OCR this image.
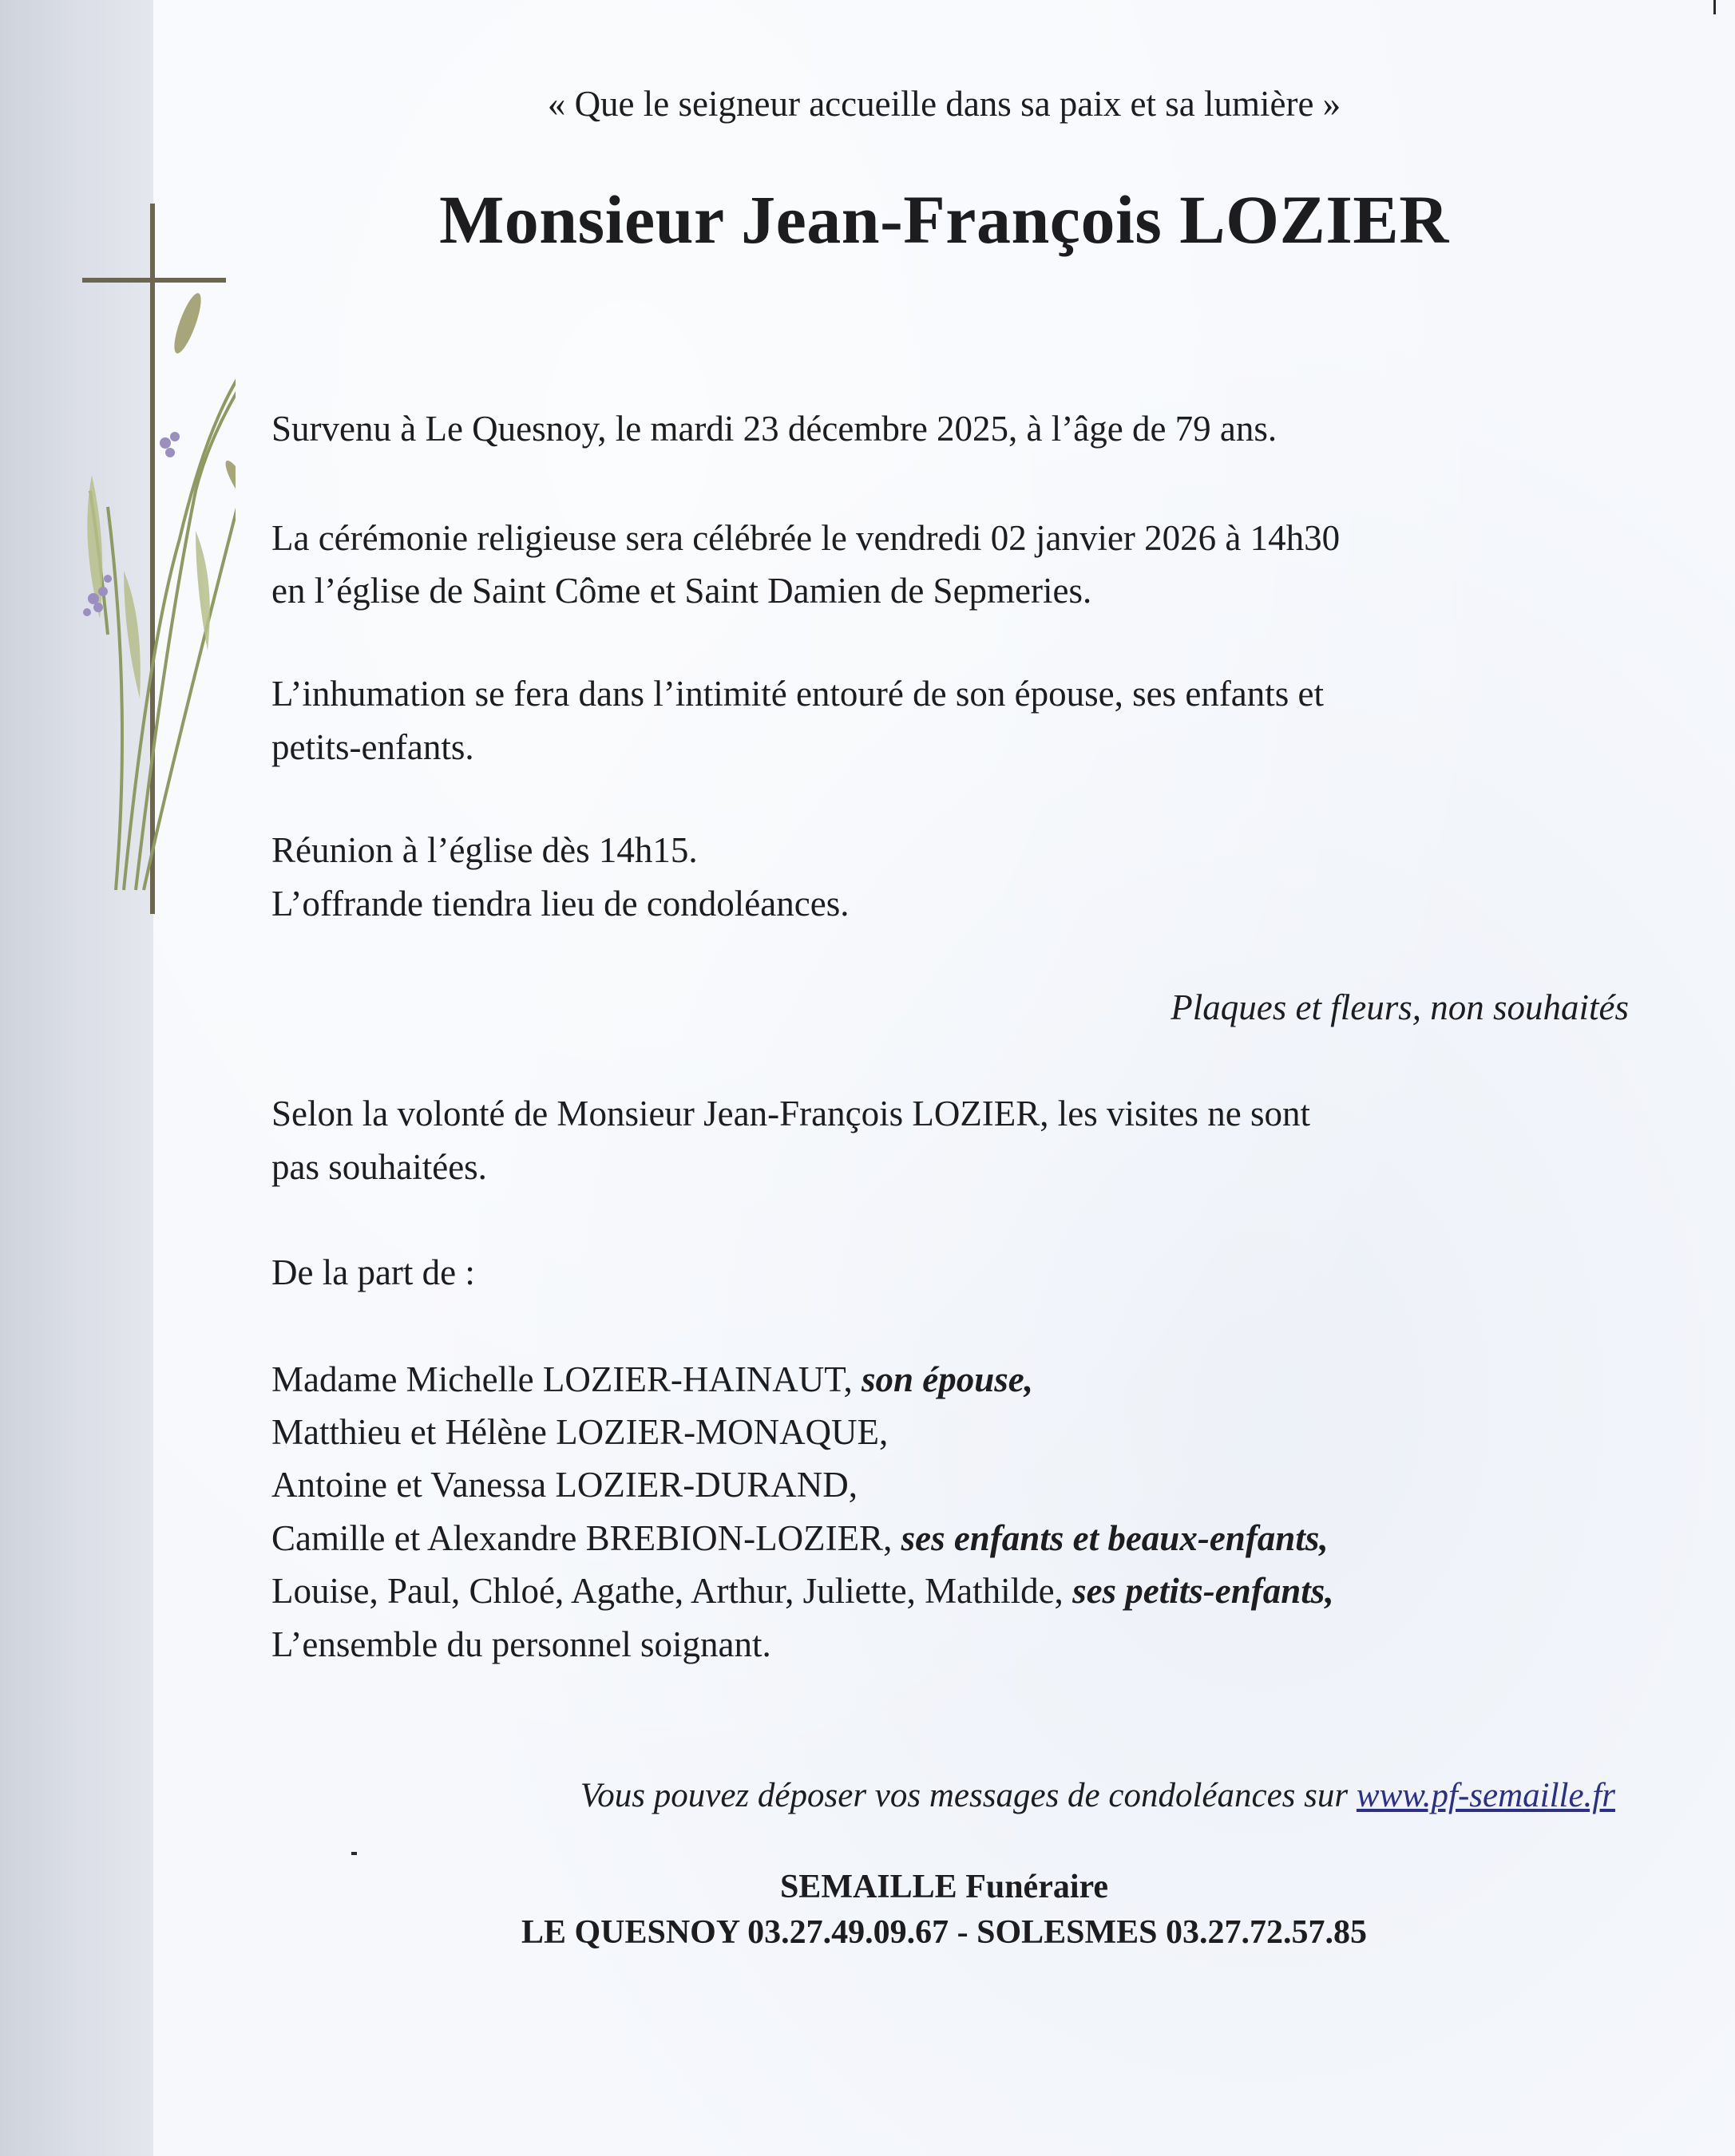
« Que le seigneur accueille dans sa paix et sa lumière »
Monsieur Jean-François LOZIER
Survenu à Le Quesnoy, le mardi 23 décembre 2025, à l’âge de 79 ans.
La cérémonie religieuse sera célébrée le vendredi 02 janvier 2026 à 14h30
en l’église de Saint Côme et Saint Damien de Sepmeries.
L’inhumation se fera dans l’intimité entouré de son épouse, ses enfants et
petits-enfants.
Réunion à l’église dès 14h15.
L’offrande tiendra lieu de condoléances.
Plaques et fleurs, non souhaités
Selon la volonté de Monsieur Jean-François LOZIER, les visites ne sont
pas souhaitées.
De la part de :
Madame Michelle LOZIER-HAINAUT, son épouse,
Matthieu et Hélène LOZIER-MONAQUE,
Antoine et Vanessa LOZIER-DURAND,
Camille et Alexandre BREBION-LOZIER, ses enfants et beaux-enfants,
Louise, Paul, Chloé, Agathe, Arthur, Juliette, Mathilde, ses petits-enfants,
L’ensemble du personnel soignant.
Vous pouvez déposer vos messages de condoléances sur www.pf-semaille.fr
SEMAILLE Funéraire
LE QUESNOY 03.27.49.09.67 - SOLESMES 03.27.72.57.85
